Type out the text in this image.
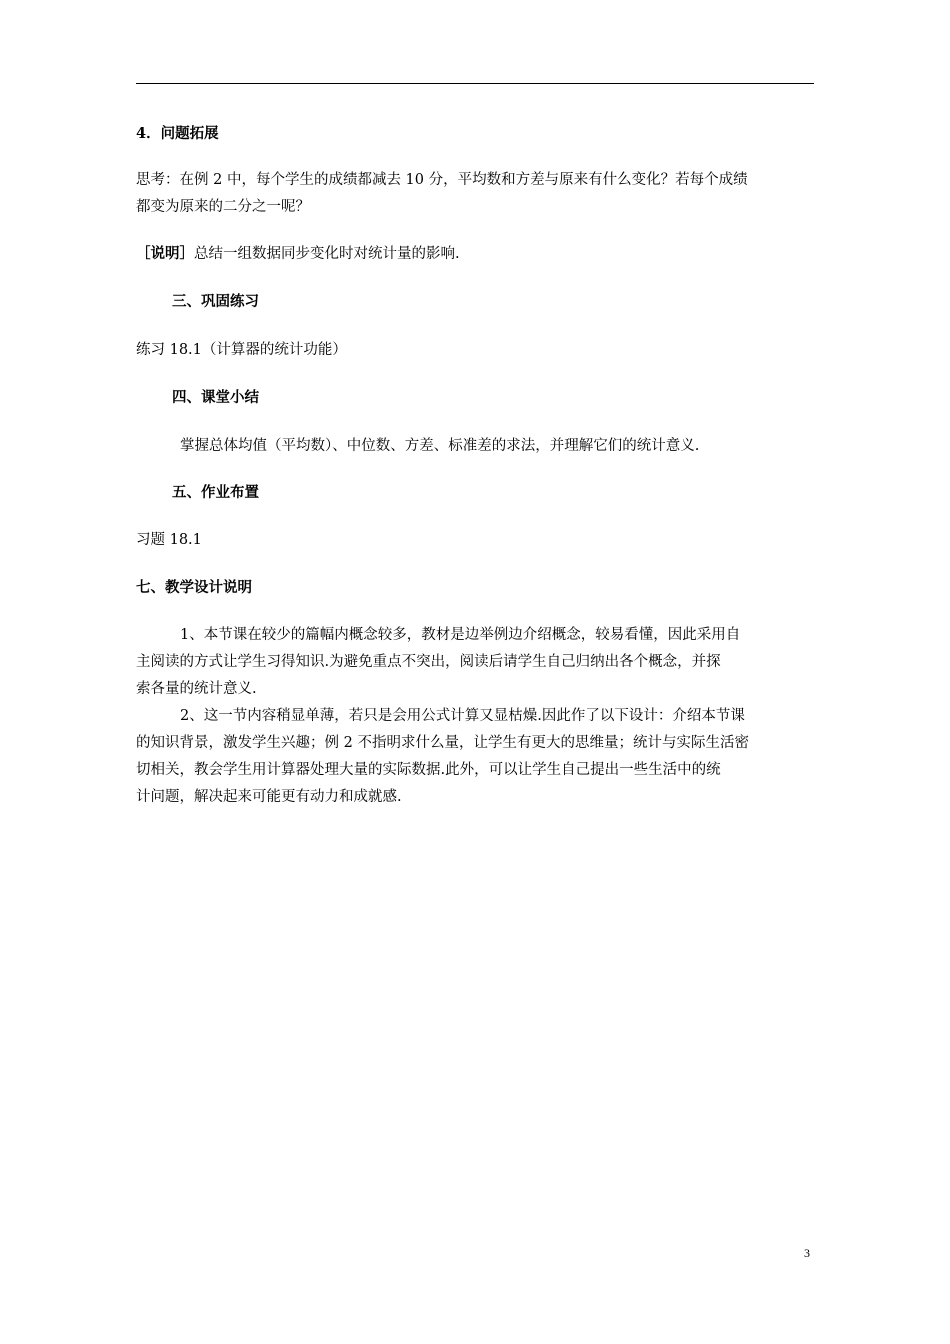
4．问题拓展
思考：在例 2 中，每个学生的成绩都减去 10 分，平均数和方差与原来有什么变化？若每个成绩
都变为原来的二分之一呢？
［说明］总结一组数据同步变化时对统计量的影响.
三、巩固练习
练习 18.1（计算器的统计功能）
四、课堂小结
掌握总体均值（平均数）、中位数、方差、标准差的求法，并理解它们的统计意义.
五、作业布置
习题 18.1
七、教学设计说明
1、本节课在较少的篇幅内概念较多，教材是边举例边介绍概念，较易看懂，因此采用自
主阅读的方式让学生习得知识.为避免重点不突出，阅读后请学生自己归纳出各个概念，并探
索各量的统计意义.
2、这一节内容稍显单薄，若只是会用公式计算又显枯燥.因此作了以下设计：介绍本节课
的知识背景，激发学生兴趣；例 2 不指明求什么量，让学生有更大的思维量；统计与实际生活密
切相关，教会学生用计算器处理大量的实际数据.此外，可以让学生自己提出一些生活中的统
计问题，解决起来可能更有动力和成就感.
3
